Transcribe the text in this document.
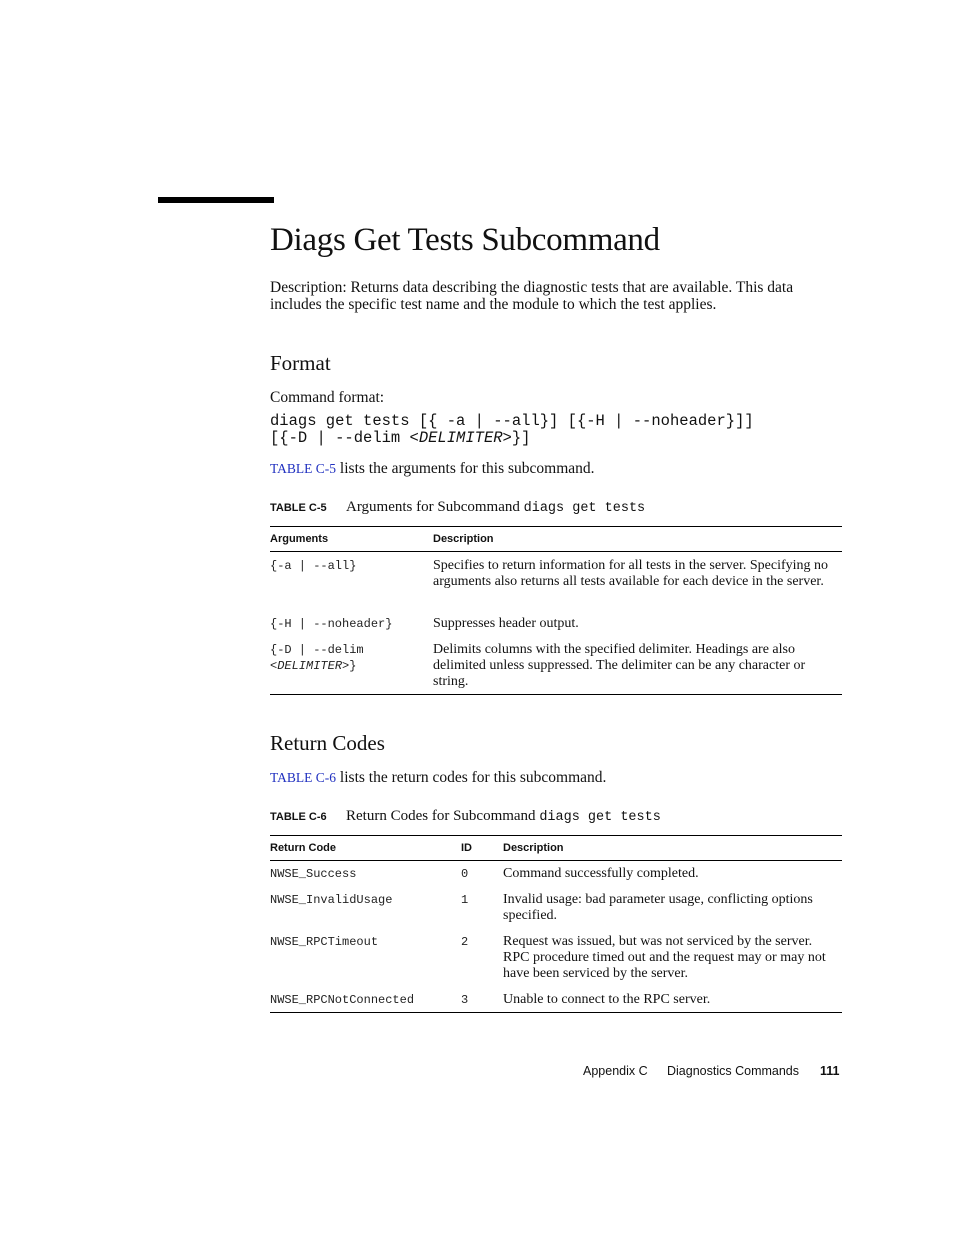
Diags Get Tests Subcommand

Description: Returns data describing the diagnostic tests that are available. This data includes the specific test name and the module to which the test applies.

Format

Command format:

diags get tests [{ -a | --all}] [{-H | --noheader}]]
[{-D | --delim <DELIMITER>}]

TABLE C-5 lists the arguments for this subcommand.

TABLE C-5 Arguments for Subcommand diags get tests
Arguments	Description
{-a | --all}	Specifies to return information for all tests in the server. Specifying no arguments also returns all tests available for each device in the server.
{-H | --noheader}	Suppresses header output.
{-D | --delim
<DELIMITER>}
Delimits columns with the specified delimiter. Headings are also delimited unless suppressed. The delimiter can be any character or string.
Return Codes

TABLE C-6 lists the return codes for this subcommand.

TABLE C-6 Return Codes for Subcommand diags get tests
Return Code	ID	Description
NWSE_Success	0 Command successfully completed.
NWSE_InvalidUsage	1 Invalid usage: bad parameter usage, conflicting options specified.
NWSE_RPCTimeout	2 Request was issued, but was not serviced by the server. RPC procedure timed out and the request may or may not have been serviced by the server.
NWSE_RPCNotConnected	3 Unable to connect to the RPC server.
Appendix C Diagnostics Commands 111
